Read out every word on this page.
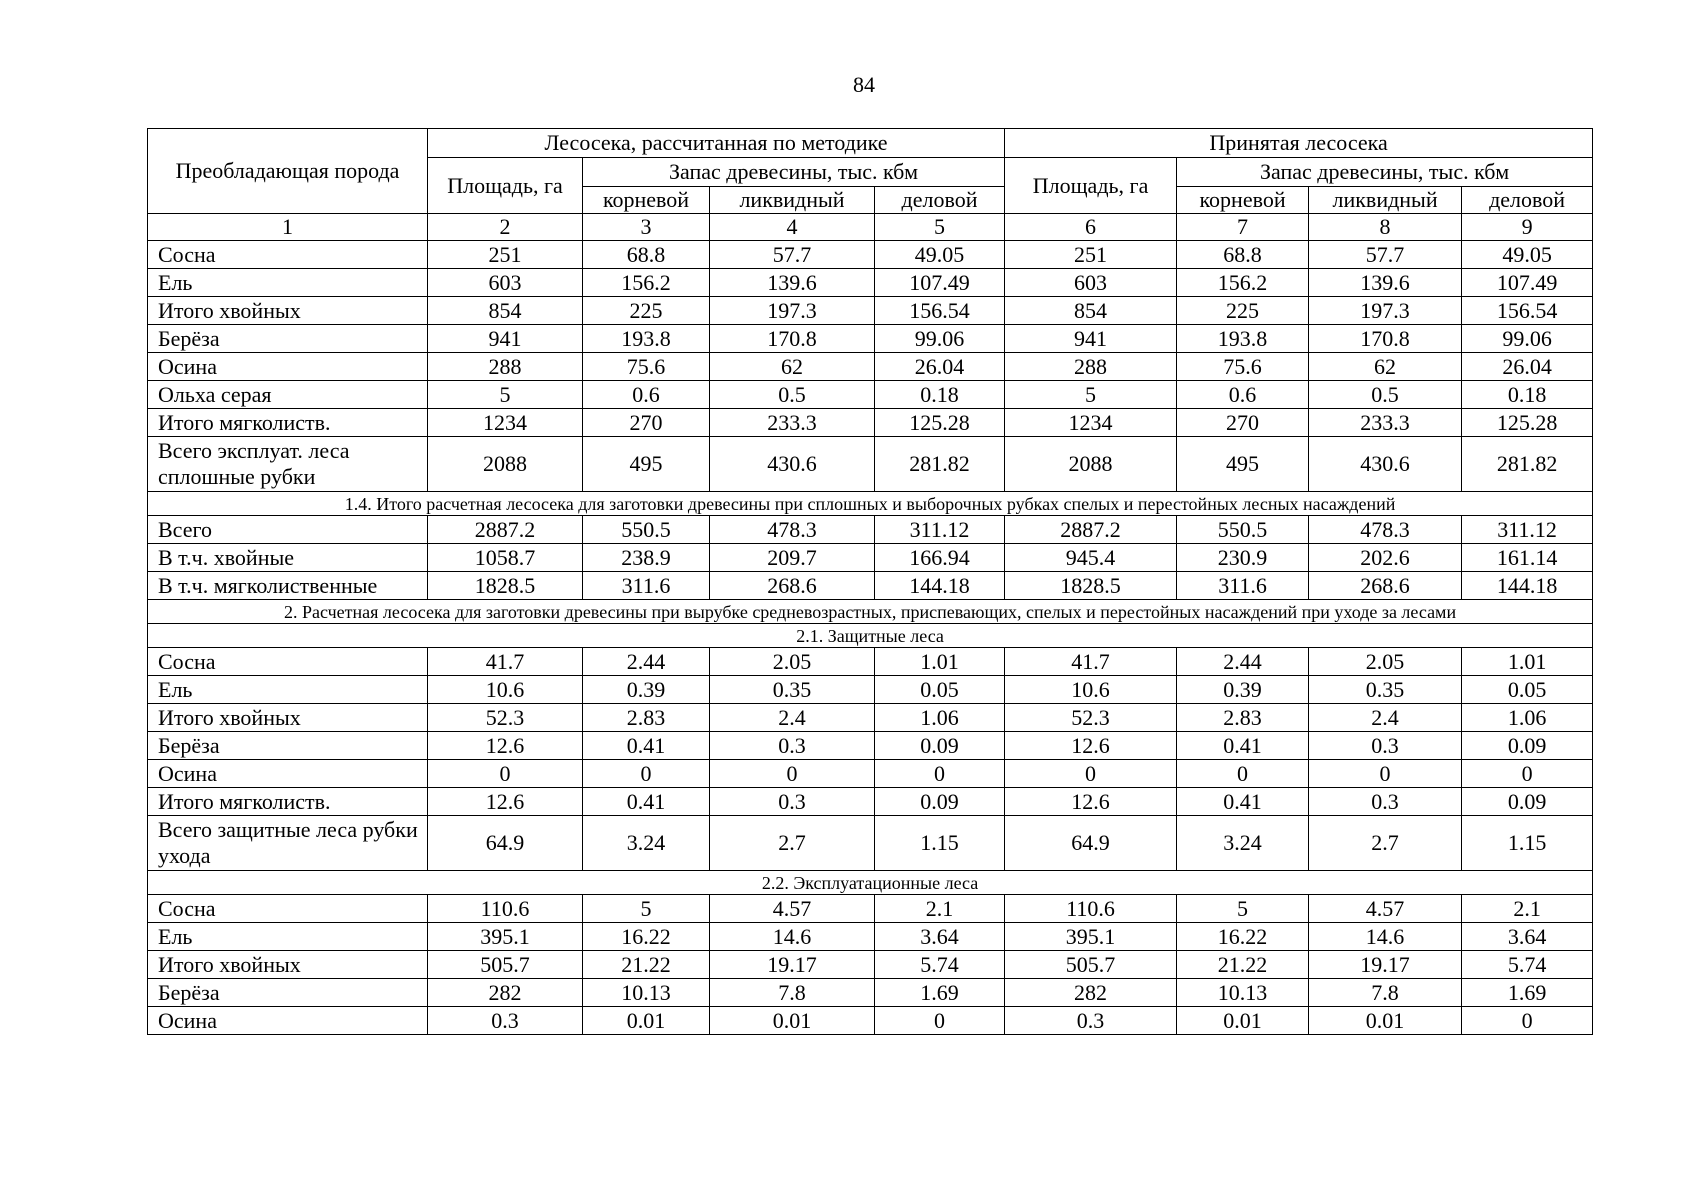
84
Преобладающая порода	Лесосека, рассчитанная по методике				Принятая лесосека			
	Площадь, га	Запас древесины, тыс. кбм			Площадь, га	Запас древесины, тыс. кбм		
		корневой	ликвидный	деловой		корневой	ликвидный	деловой
1	2	3	4	5	6	7	8	9
Сосна	251	68.8	57.7	49.05	251	68.8	57.7	49.05
Ель	603	156.2	139.6	107.49	603	156.2	139.6	107.49
Итого хвойных	854	225	197.3	156.54	854	225	197.3	156.54
Берёза	941	193.8	170.8	99.06	941	193.8	170.8	99.06
Осина	288	75.6	62	26.04	288	75.6	62	26.04
Ольха серая	5	0.6	0.5	0.18	5	0.6	0.5	0.18
Итого мягколиств.	1234	270	233.3	125.28	1234	270	233.3	125.28
Всего эксплуат. леса сплошные рубки	2088	495	430.6	281.82	2088	495	430.6	281.82
1.4. Итого расчетная лесосека для заготовки древесины при сплошных и выборочных рубках спелых и перестойных лесных насаждений								
Всего	2887.2	550.5	478.3	311.12	2887.2	550.5	478.3	311.12
В т.ч. хвойные	1058.7	238.9	209.7	166.94	945.4	230.9	202.6	161.14
В т.ч. мягколиственные	1828.5	311.6	268.6	144.18	1828.5	311.6	268.6	144.18
2. Расчетная лесосека для заготовки древесины при вырубке средневозрастных, приспевающих, спелых и перестойных насаждений при уходе за лесами								
2.1. Защитные леса								
Сосна	41.7	2.44	2.05	1.01	41.7	2.44	2.05	1.01
Ель	10.6	0.39	0.35	0.05	10.6	0.39	0.35	0.05
Итого хвойных	52.3	2.83	2.4	1.06	52.3	2.83	2.4	1.06
Берёза	12.6	0.41	0.3	0.09	12.6	0.41	0.3	0.09
Осина	0	0	0	0	0	0	0	0
Итого мягколиств.	12.6	0.41	0.3	0.09	12.6	0.41	0.3	0.09
Всего защитные леса рубки ухода	64.9	3.24	2.7	1.15	64.9	3.24	2.7	1.15
2.2. Эксплуатационные леса								
Сосна	110.6	5	4.57	2.1	110.6	5	4.57	2.1
Ель	395.1	16.22	14.6	3.64	395.1	16.22	14.6	3.64
Итого хвойных	505.7	21.22	19.17	5.74	505.7	21.22	19.17	5.74
Берёза	282	10.13	7.8	1.69	282	10.13	7.8	1.69
Осина	0.3	0.01	0.01	0	0.3	0.01	0.01	0
